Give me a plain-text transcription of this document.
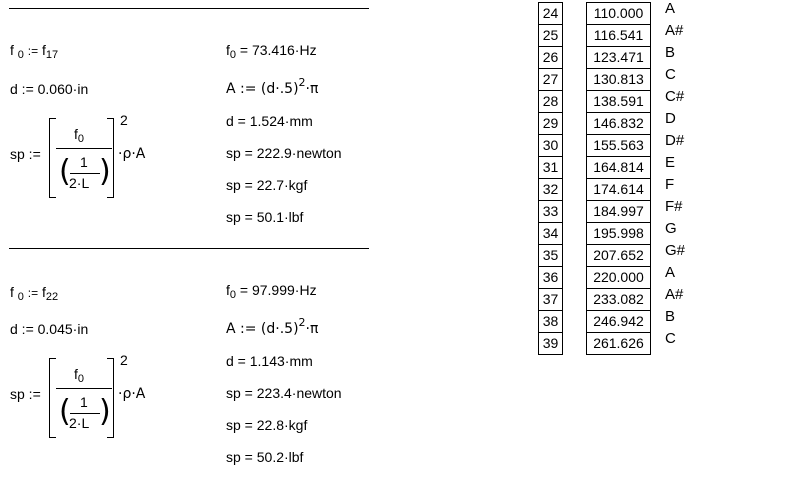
f $_0$ := $f_{17}$
d := 0.060·in
sp :=
$f_0$
( 1
2·L )
2
·ρ·A
$f_0 = 73.416\cdot Hz$
A := $(d\cdot.5)^2\cdot\pi$
d = 1.524·mm
sp = 222.9·newton
sp = 22.7·kgf
sp = 50.1·lbf
f $_0$ := $f_{22}$
d := 0.045·in
sp :=
$f_0$
( 1
2·L )
2
·ρ·A
$f_0 = 97.999\cdot Hz$
A := $(d\cdot.5)^2\cdot\pi$
d = 1.143·mm
sp = 223.4·newton
sp = 22.8·kgf
sp = 50.2·lbf
24	110.000	A
25	116.541	A#
26	123.471	B
27	130.813	C
28	138.591	C#
29	146.832	D
30	155.563	D#
31	164.814	E
32	174.614	F
33	184.997	F#
34	195.998	G
35	207.652	G#
36	220.000	A
37	233.082	A#
38	246.942	B
39	261.626	C
